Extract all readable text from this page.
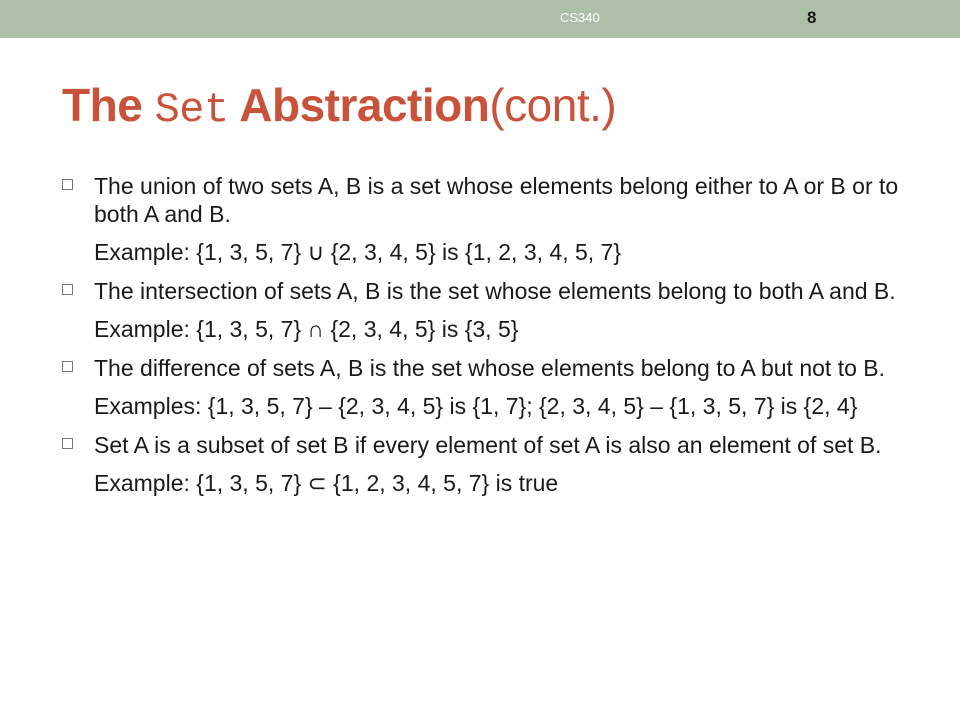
CS340	8
The Set Abstraction(cont.)
The union of two sets A, B is a set whose elements belong either to A or B or to both A and B.
Example: {1, 3, 5, 7} ∪ {2, 3, 4, 5} is {1, 2, 3, 4, 5, 7}
The intersection of sets A, B is the set whose elements belong to both A and B.
Example: {1, 3, 5, 7} ∩ {2, 3, 4, 5} is {3, 5}
The difference of sets A, B is the set whose elements belong to A but not to B.
Examples: {1, 3, 5, 7} – {2, 3, 4, 5} is {1, 7}; {2, 3, 4, 5} – {1, 3, 5, 7} is {2, 4}
Set A is a subset of set B if every element of set A is also an element of set B.
Example: {1, 3, 5, 7} ⊂ {1, 2, 3, 4, 5, 7} is true
